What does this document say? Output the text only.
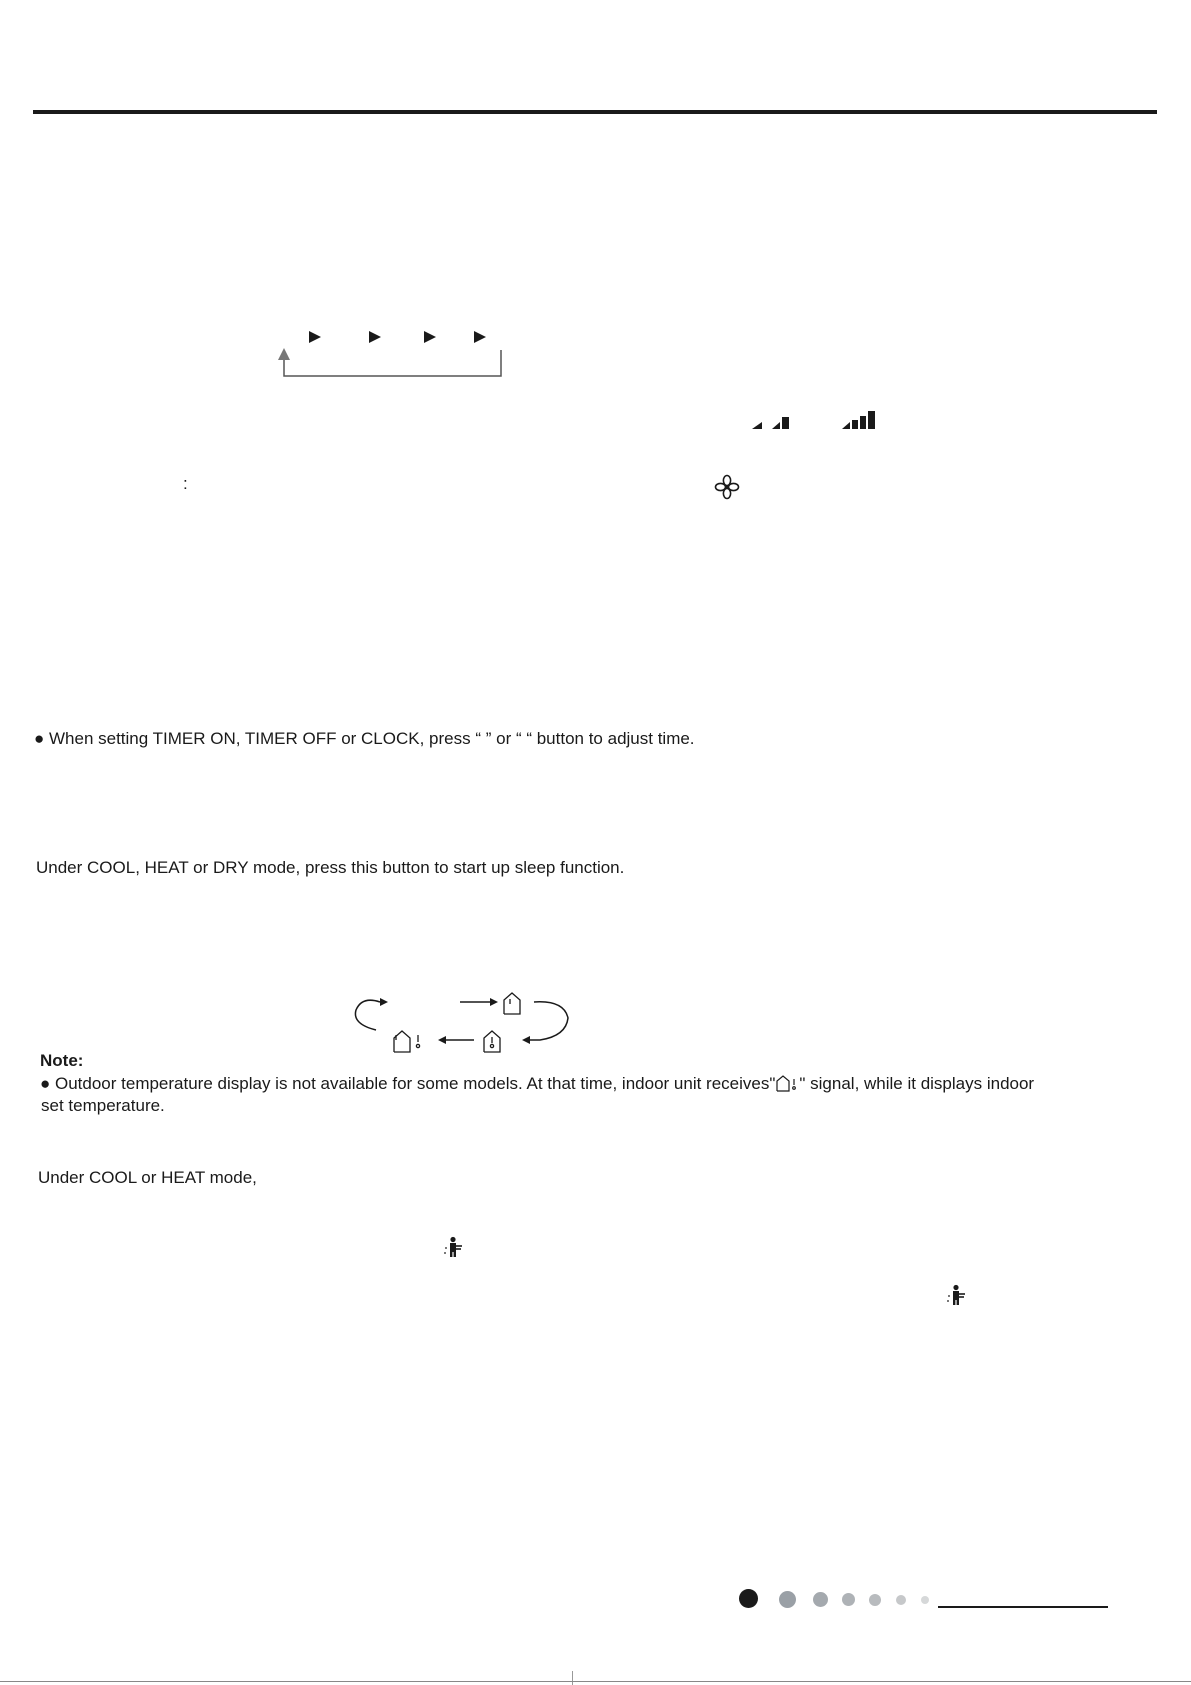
:
● When setting TIMER ON, TIMER OFF or CLOCK, press “ ” or “ “ button to adjust time.
Under COOL, HEAT or DRY mode, press this button to start up sleep function.
Note:
● Outdoor temperature display is not available for some models. At that time, indoor unit receives" " signal, while it displays indoor
set temperature.
Under COOL or HEAT mode,
